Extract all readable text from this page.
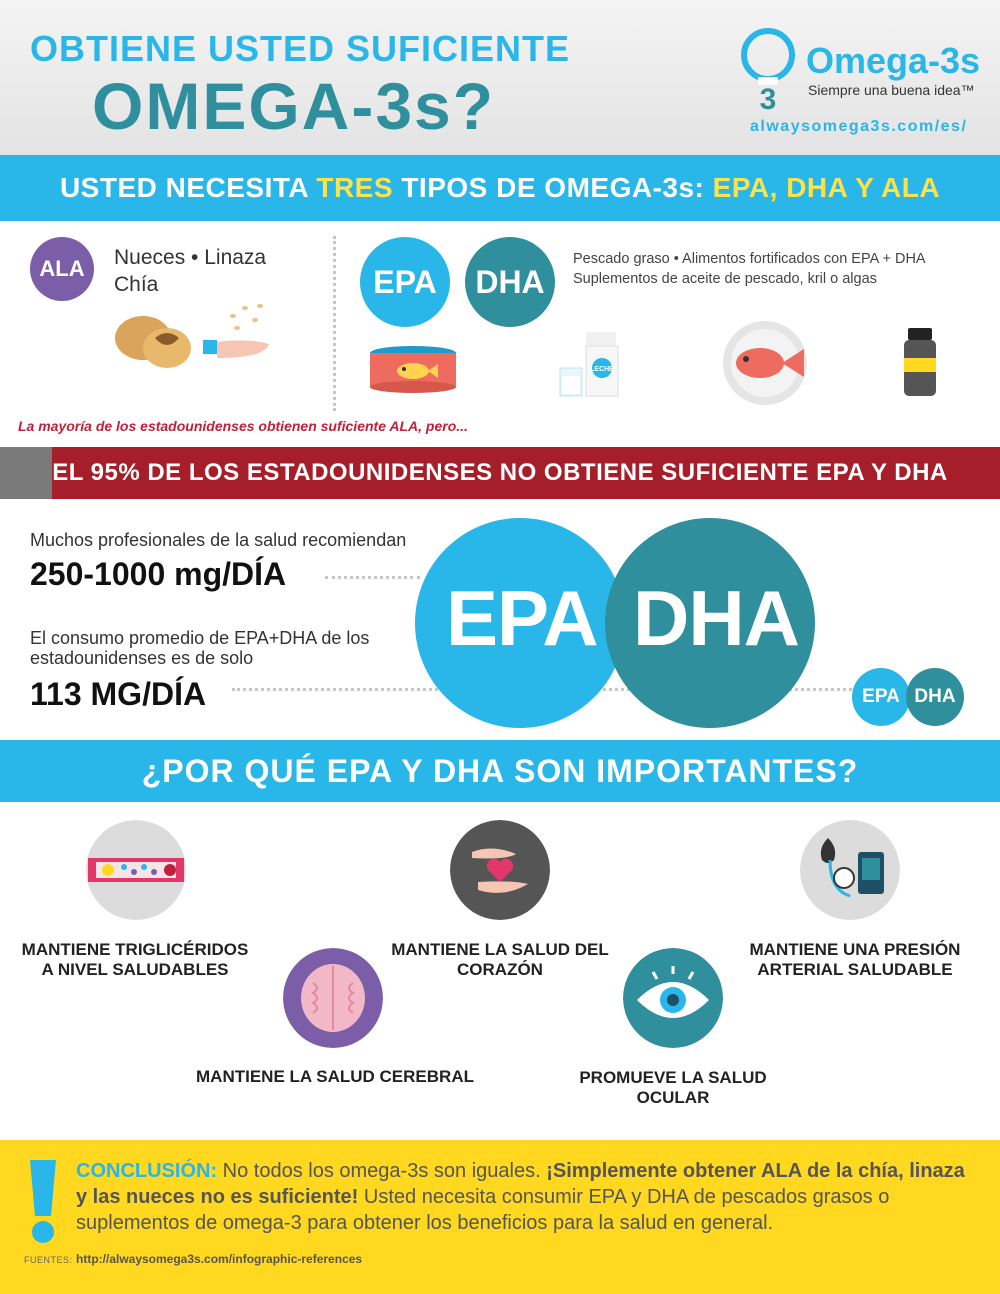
OBTIENE USTED SUFICIENTE
OMEGA-3s?	3
Omega-3s
Siempre una buena idea™
alwaysomega3s.com/es/
USTED NECESITA TRES TIPOS DE OMEGA-3s: EPA, DHA Y ALA
ALA	Nueces • Linaza
Chía	EPA	DHA
Pescado graso • Alimentos fortificados con EPA + DHA
Suplementos de aceite de pescado, kril o algas
LECHE
La mayoría de los estadounidenses obtienen suficiente ALA, pero...
EL 95% DE LOS ESTADOUNIDENSES NO OBTIENE SUFICIENTE EPA Y DHA
Muchos profesionales de la salud recomiendan
250-1000 mg/DÍA
El consumo promedio de EPA+DHA de los
estadounidenses es de solo
113 MG/DÍA
EPA DHA
EPA DHA
¿POR QUÉ EPA Y DHA SON IMPORTANTES?
MANTIENE TRIGLICÉRIDOS
A NIVEL SALUDABLES
MANTIENE LA SALUD DEL
CORAZÓN
MANTIENE UNA PRESIÓN
ARTERIAL SALUDABLE
MANTIENE LA SALUD CEREBRAL	PROMUEVE LA SALUD
OCULAR
CONCLUSIÓN: No todos los omega-3s son iguales. ¡Simplemente obtener ALA de la chía, linaza y las nueces no es suficiente! Usted necesita consumir EPA y DHA de pescados grasos o suplementos de omega-3 para obtener los beneficios para la salud en general.
FUENTES: http://alwaysomega3s.com/infographic-references
